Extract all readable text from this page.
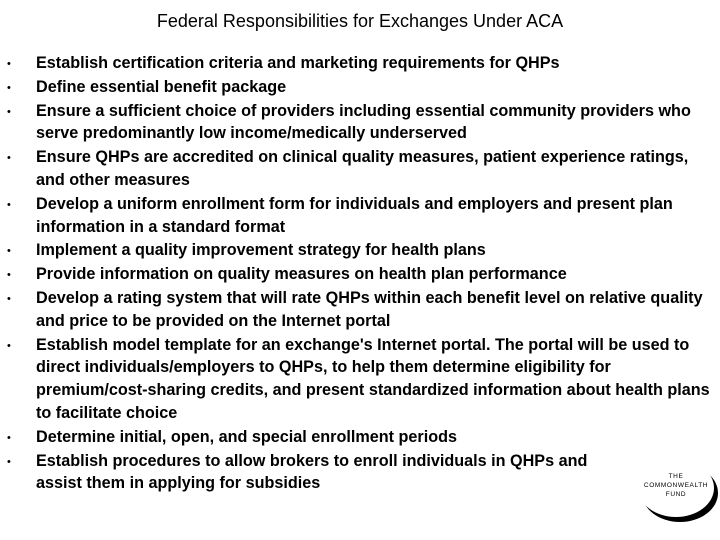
Federal Responsibilities for Exchanges Under ACA
• Establish certification criteria and marketing requirements for QHPs
• Define essential benefit package
• Ensure a sufficient choice of providers including essential community providers who serve predominantly low income/medically underserved
• Ensure QHPs are accredited on clinical quality measures, patient experience ratings, and other measures
• Develop a uniform enrollment form for individuals and employers and present plan information in a standard format
• Implement a quality improvement strategy for health plans
• Provide information on quality measures on health plan performance
• Develop a rating system that will rate QHPs within each benefit level on relative quality and price to be provided on the Internet portal
• Establish model template for an exchange's Internet portal. The portal will be used to direct individuals/employers to QHPs, to help them determine eligibility for premium/cost-sharing credits, and present standardized information about health plans to facilitate choice
• Determine initial, open, and special enrollment periods
• Establish procedures to allow brokers to enroll individuals in QHPs and assist them in applying for subsidies	THE
COMMONWEALTH
FUND
